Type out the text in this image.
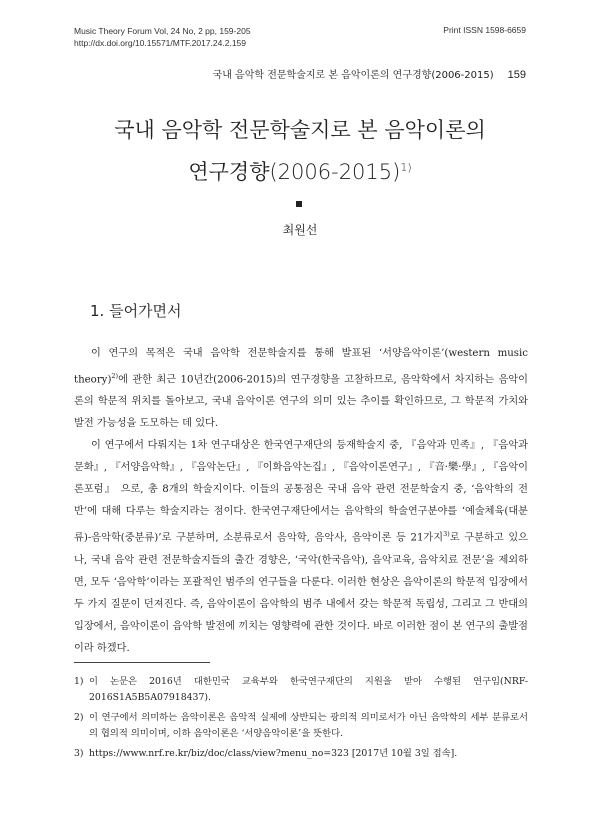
Music Theory Forum Vol, 24 No, 2 pp, 159-205
http://dx.doi.org/10.15571/MTF.2017.24.2.159
Print ISSN 1598-6659
국내 음악학 전문학술지로 본 음악이론의 연구경향(2006-2015) 159
국내 음악학 전문학술지로 본 음악이론의
연구경향(2006-2015)$^{1)}$
최원선
1. 들어가면서

이 연구의 목적은 국내 음악학 전문학술지를 통해 발표된 ‘서양음악이론’(western music theory)$^{2)}$에 관한 최근 10년간(2006-2015)의 연구경향을 고찰하므로, 음악학에서 차지하는 음악이론의 학문적 위치를 돌아보고, 국내 음악이론 연구의 의미 있는 추이를 확인하므로, 그 학문적 가치와 발전 가능성을 도모하는 데 있다.

이 연구에서 다뤄지는 1차 연구대상은 한국연구재단의 등재학술지 중, 『음악과 민족』, 『음악과 문화』, 『서양음악학』, 『음악논단』, 『이화음악논집』, 『음악이론연구』, 『音·樂·學』, 『음악이론포럼』 으로, 총 8개의 학술지이다. 이들의 공통점은 국내 음악 관련 전문학술지 중, ‘음악학의 전반’에 대해 다루는 학술지라는 점이다. 한국연구재단에서는 음악학의 학술연구분야를 ‘예술체육(대분류)-음악학(중분류)’로 구분하며, 소분류로서 음악학, 음악사, 음악이론 등 21가지$^{3)}$로 구분하고 있으나, 국내 음악 관련 전문학술지들의 출간 경향은, ‘국악(한국음악), 음악교육, 음악치료 전문’을 제외하면, 모두 ‘음악학’이라는 포괄적인 범주의 연구들을 다룬다. 이러한 현상은 음악이론의 학문적 입장에서 두 가지 질문이 던져진다. 즉, 음악이론이 음악학의 범주 내에서 갖는 학문적 독립성, 그리고 그 반대의 입장에서, 음악이론이 음악학 발전에 끼치는 영향력에 관한 것이다. 바로 이러한 점이 본 연구의 출발점이라 하겠다.

1) 이 논문은 2016년 대한민국 교육부와 한국연구재단의 지원을 받아 수행된 연구임(NRF-2016S1A5B5A07918437).
2) 이 연구에서 의미하는 음악이론은 음악적 실제에 상반되는 광의적 의미로서가 아닌 음악학의 세부 분류로서의 협의적 의미이며, 이하 음악이론은 ‘서양음악이론’을 뜻한다.
3) https://www.nrf.re.kr/biz/doc/class/view?menu_no=323 [2017년 10월 3일 접속].
